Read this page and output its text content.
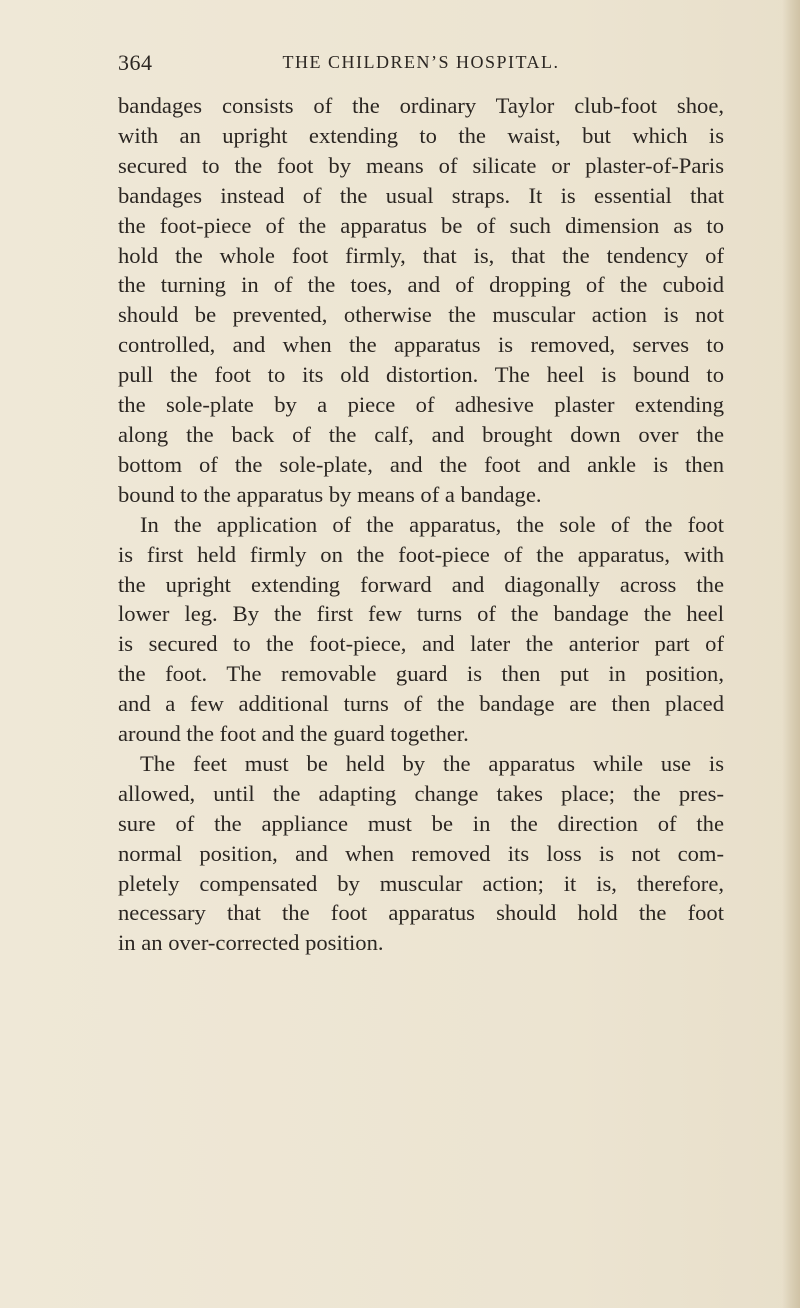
364	THE CHILDREN’S HOSPITAL.
bandages consists of the ordinary Taylor club-foot shoe,
with an upright extending to the waist, but which is
secured to the foot by means of silicate or plaster-of-Paris
bandages instead of the usual straps. It is essential that
the foot-piece of the apparatus be of such dimension as to
hold the whole foot firmly, that is, that the tendency of
the turning in of the toes, and of dropping of the cuboid
should be prevented, otherwise the muscular action is not
controlled, and when the apparatus is removed, serves to
pull the foot to its old distortion. The heel is bound to
the sole-plate by a piece of adhesive plaster extending
along the back of the calf, and brought down over the
bottom of the sole-plate, and the foot and ankle is then
bound to the apparatus by means of a bandage.
In the application of the apparatus, the sole of the foot
is first held firmly on the foot-piece of the apparatus, with
the upright extending forward and diagonally across the
lower leg. By the first few turns of the bandage the heel
is secured to the foot-piece, and later the anterior part of
the foot. The removable guard is then put in position,
and a few additional turns of the bandage are then placed
around the foot and the guard together.
The feet must be held by the apparatus while use is
allowed, until the adapting change takes place; the pres-
sure of the appliance must be in the direction of the
normal position, and when removed its loss is not com-
pletely compensated by muscular action; it is, therefore,
necessary that the foot apparatus should hold the foot
in an over-corrected position.
